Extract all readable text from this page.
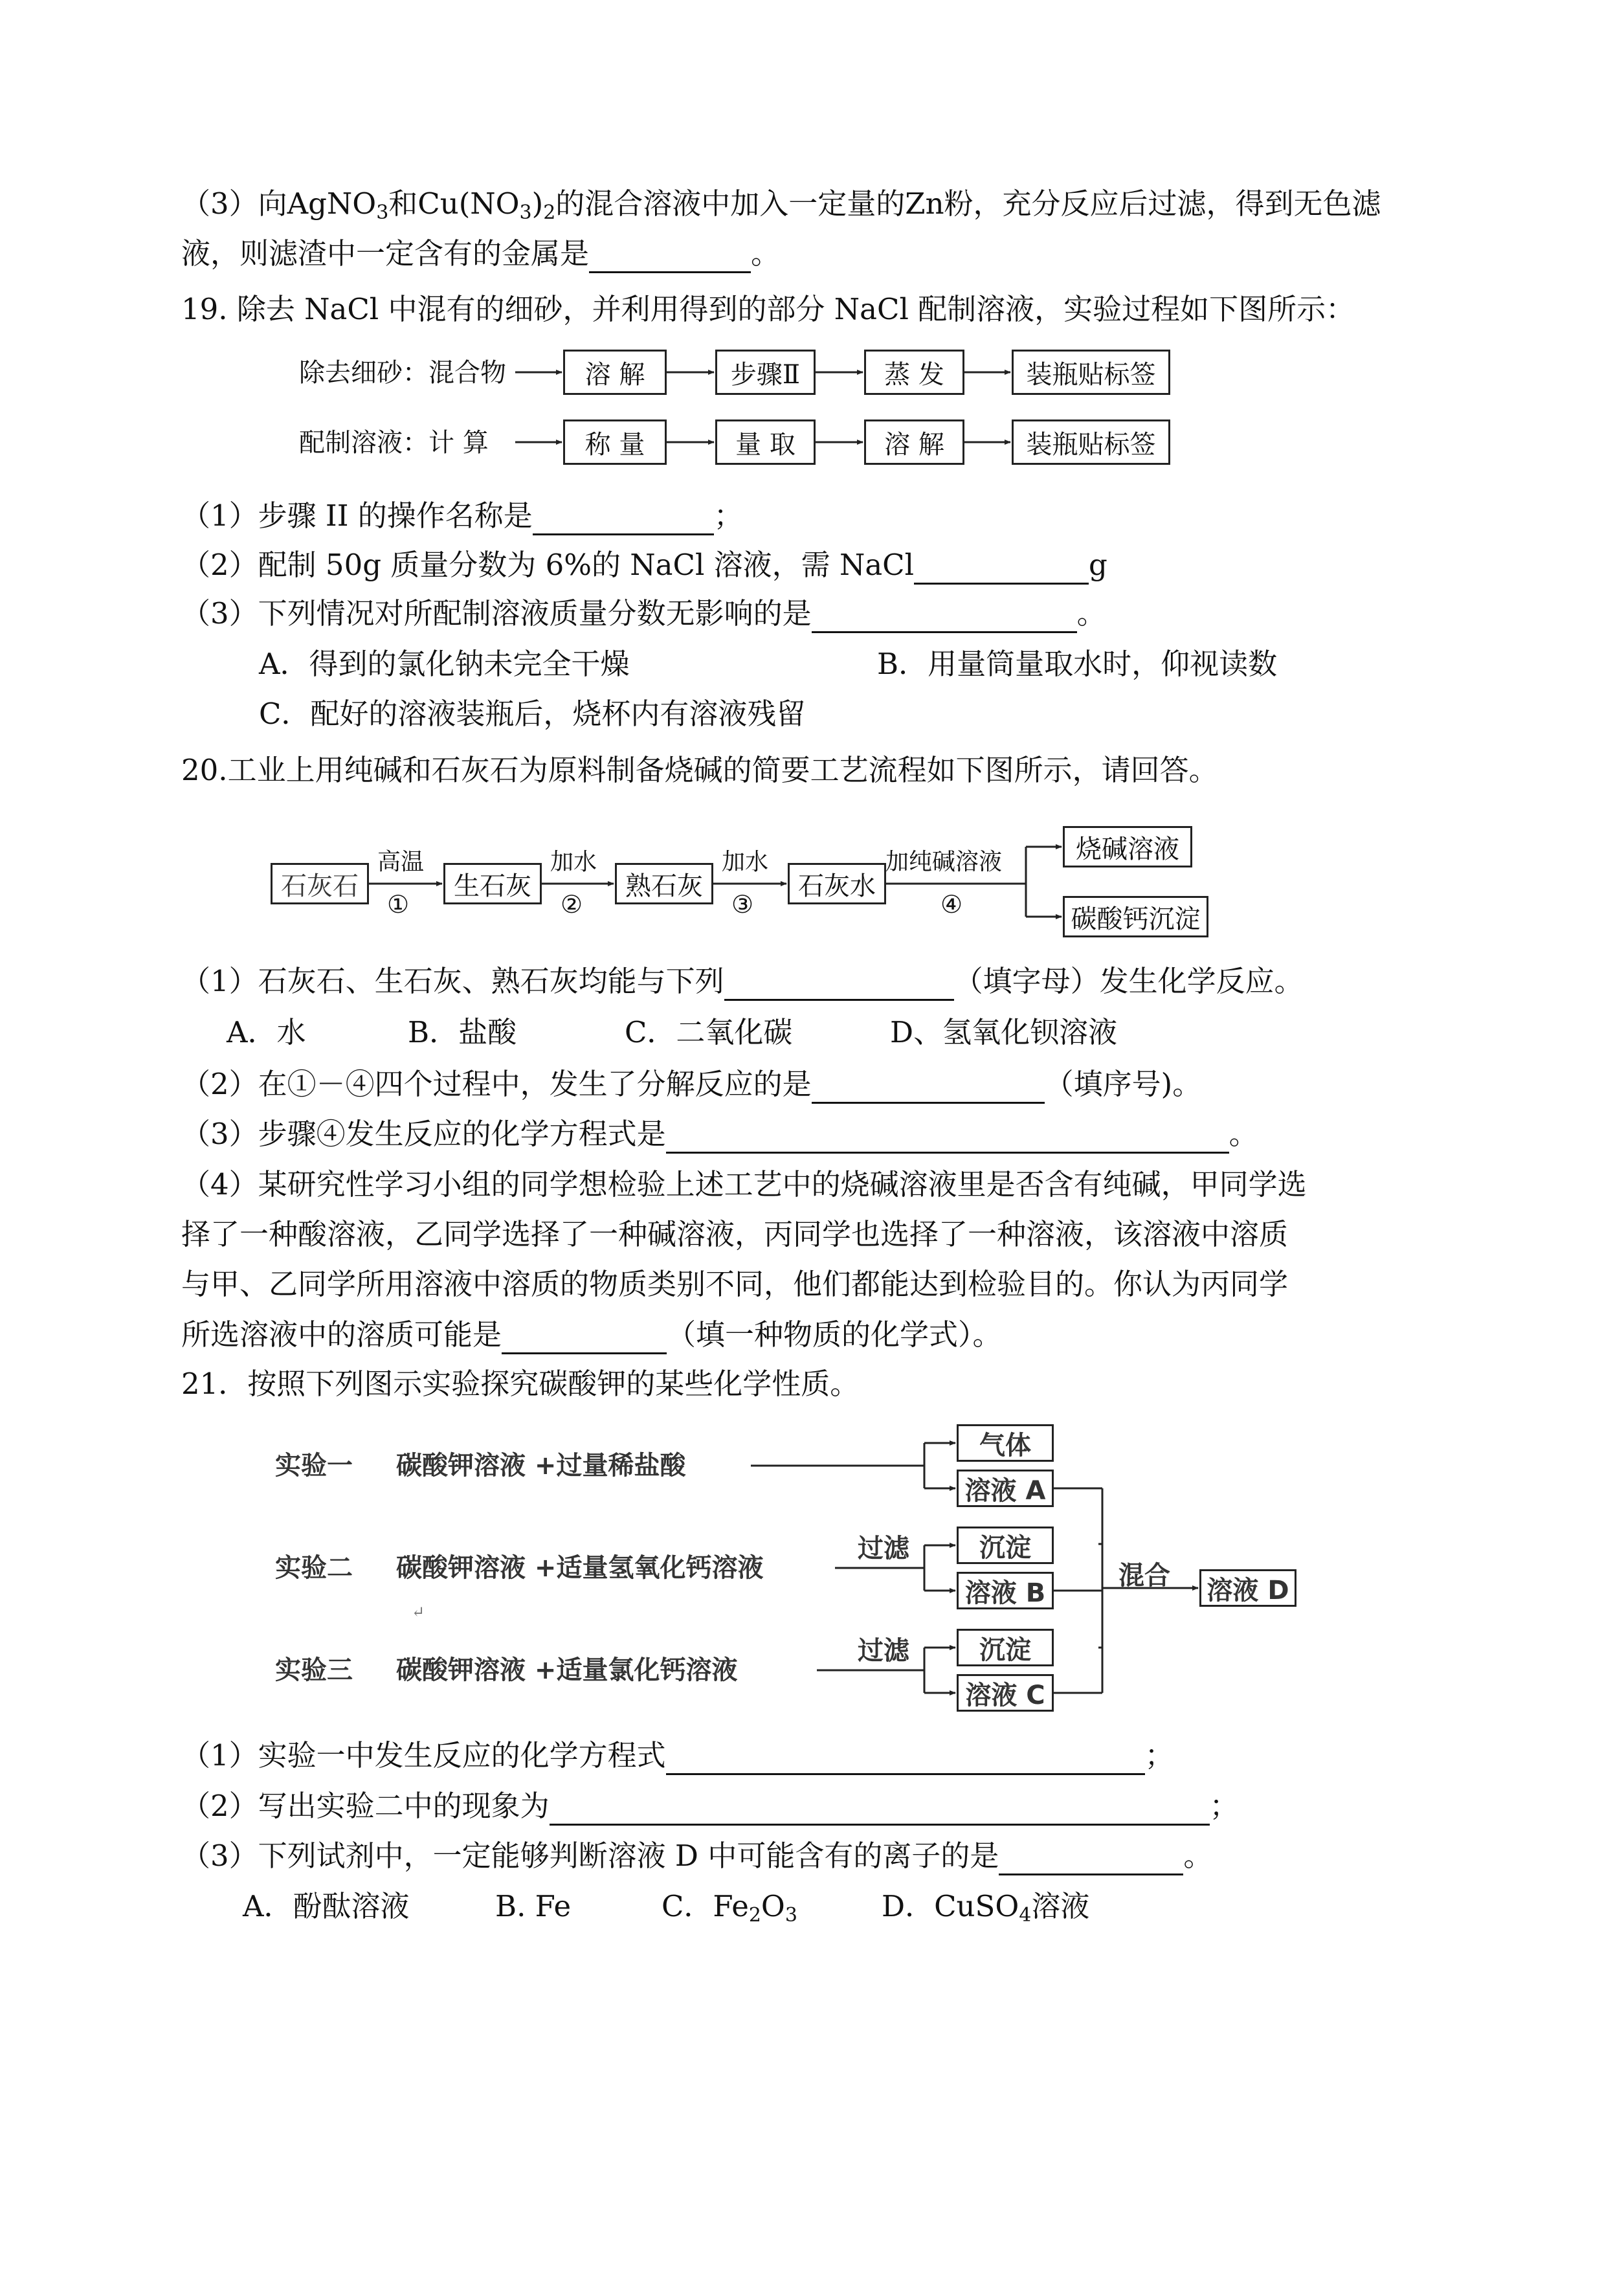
（3）向AgNO$_3$和$Cu(NO_3)_2$的混合溶液中加入一定量的Zn粉，充分反应后过滤，得到无色滤
液，则滤渣中一定含有的金属是	。
19. 除去 NaCl 中混有的细砂，并利用得到的部分 NaCl 配制溶液，实验过程如下图所示：
除去细砂：混合物	溶 解	步骤Ⅱ	蒸 发	装瓶贴标签
配制溶液：计 算	称 量	量 取	溶 解	装瓶贴标签
（1）步骤 II 的操作名称是	；
（2）配制 50g 质量分数为 6%的 NaCl 溶液，需 NaCl	g
（3）下列情况对所配制溶液质量分数无影响的是	。
A．得到的氯化钠未完全干燥	B．用量筒量取水时，仰视读数
C．配好的溶液装瓶后，烧杯内有溶液残留
20.工业上用纯碱和石灰石为原料制备烧碱的简要工艺流程如下图所示，请回答。
石灰石	生石灰	熟石灰	石灰水
烧碱溶液
碳酸钙沉淀
高温	加水	加水	加纯碱溶液
①	②	③	④
（1）石灰石、生石灰、熟石灰均能与下列	（填字母）发生化学反应。
A．水	B．盐酸	C．二氧化碳	D、氢氧化钡溶液
（2）在①－④四个过程中，发生了分解反应的是	（填序号)。
（3）步骤④发生反应的化学方程式是	。
（4）某研究性学习小组的同学想检验上述工艺中的烧碱溶液里是否含有纯碱，甲同学选
择了一种酸溶液，乙同学选择了一种碱溶液，丙同学也选择了一种溶液，该溶液中溶质
与甲、乙同学所用溶液中溶质的物质类别不同，他们都能达到检验目的。你认为丙同学
所选溶液中的溶质可能是	（填一种物质的化学式）。
21．按照下列图示实验探究碳酸钾的某些化学性质。
实验一 碳酸钾溶液 +过量稀盐酸
实验二 碳酸钾溶液 +适量氢氧化钙溶液
↵
实验三 碳酸钾溶液 +适量氯化钙溶液
过滤
过滤
混合
气体
溶液 A
沉淀
溶液 B
沉淀
溶液 C
溶液 D
（1）实验一中发生反应的化学方程式	；
（2）写出实验二中的现象为	；
（3）下列试剂中，一定能够判断溶液 D 中可能含有的离子的是	。
A．酚酞溶液	B. Fe	C．$Fe_2O_3$	D．CuSO$_4$溶液
